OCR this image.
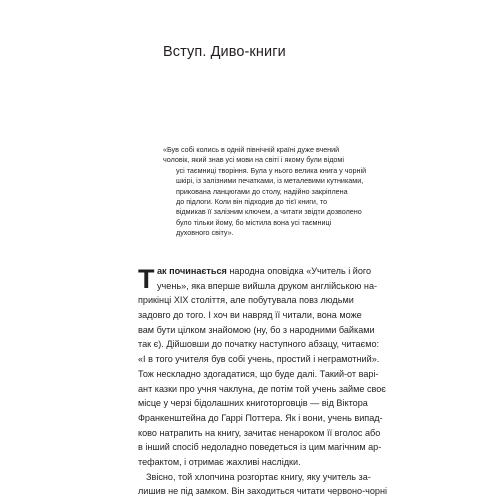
Вступ. Диво-книги
«Був собі колись в одній північній країні дуже вчений
чоловік, який знав усі мови на світі і якому були відомі
усі таємниці творіння. Була у нього велика книга у чорній
шкірі, із залізними печатками, із металевими кутниками,
прикована ланцюгами до столу, надійно закріплена
до підлоги. Коли він підходив до тієї книги, то
відмикав її залізним ключем, а читати звідти дозволено
було тільки йому, бо містила вона усі таємниці
духовного світу».
Т ак починається народна оповідка «Учитель і його
учень», яка вперше вийшла друком англійською на-
прикінці XIX століття, але побутувала повз людьми
задовго до того. І хоч ви навряд її читали, вона може
вам бути цілком знайомою (ну, бо з народними байками
так є). Дійшовши до початку наступного абзацу, читаємо:
«І в того учителя був собі учень, простий і неграмотний».
Тож нескладно здогадатися, що буде далі. Такий-от варі-
ант казки про учня чаклуна, де потім той учень займе своє
місце у черзі бідолашних книготорговців — від Віктора
Франкенштейна до Гаррі Поттера. Як і вони, учень випад-
ково натрапить на книгу, зачитає ненароком її вголос або
в інший спосіб недоладно поведеться із цим магічним ар-
тефактом, і отримає жахливі наслідки.
Звісно, той хлопчина розгортає книгу, яку учитель за-
лишив не під замком. Він заходиться читати червоно-чорні
